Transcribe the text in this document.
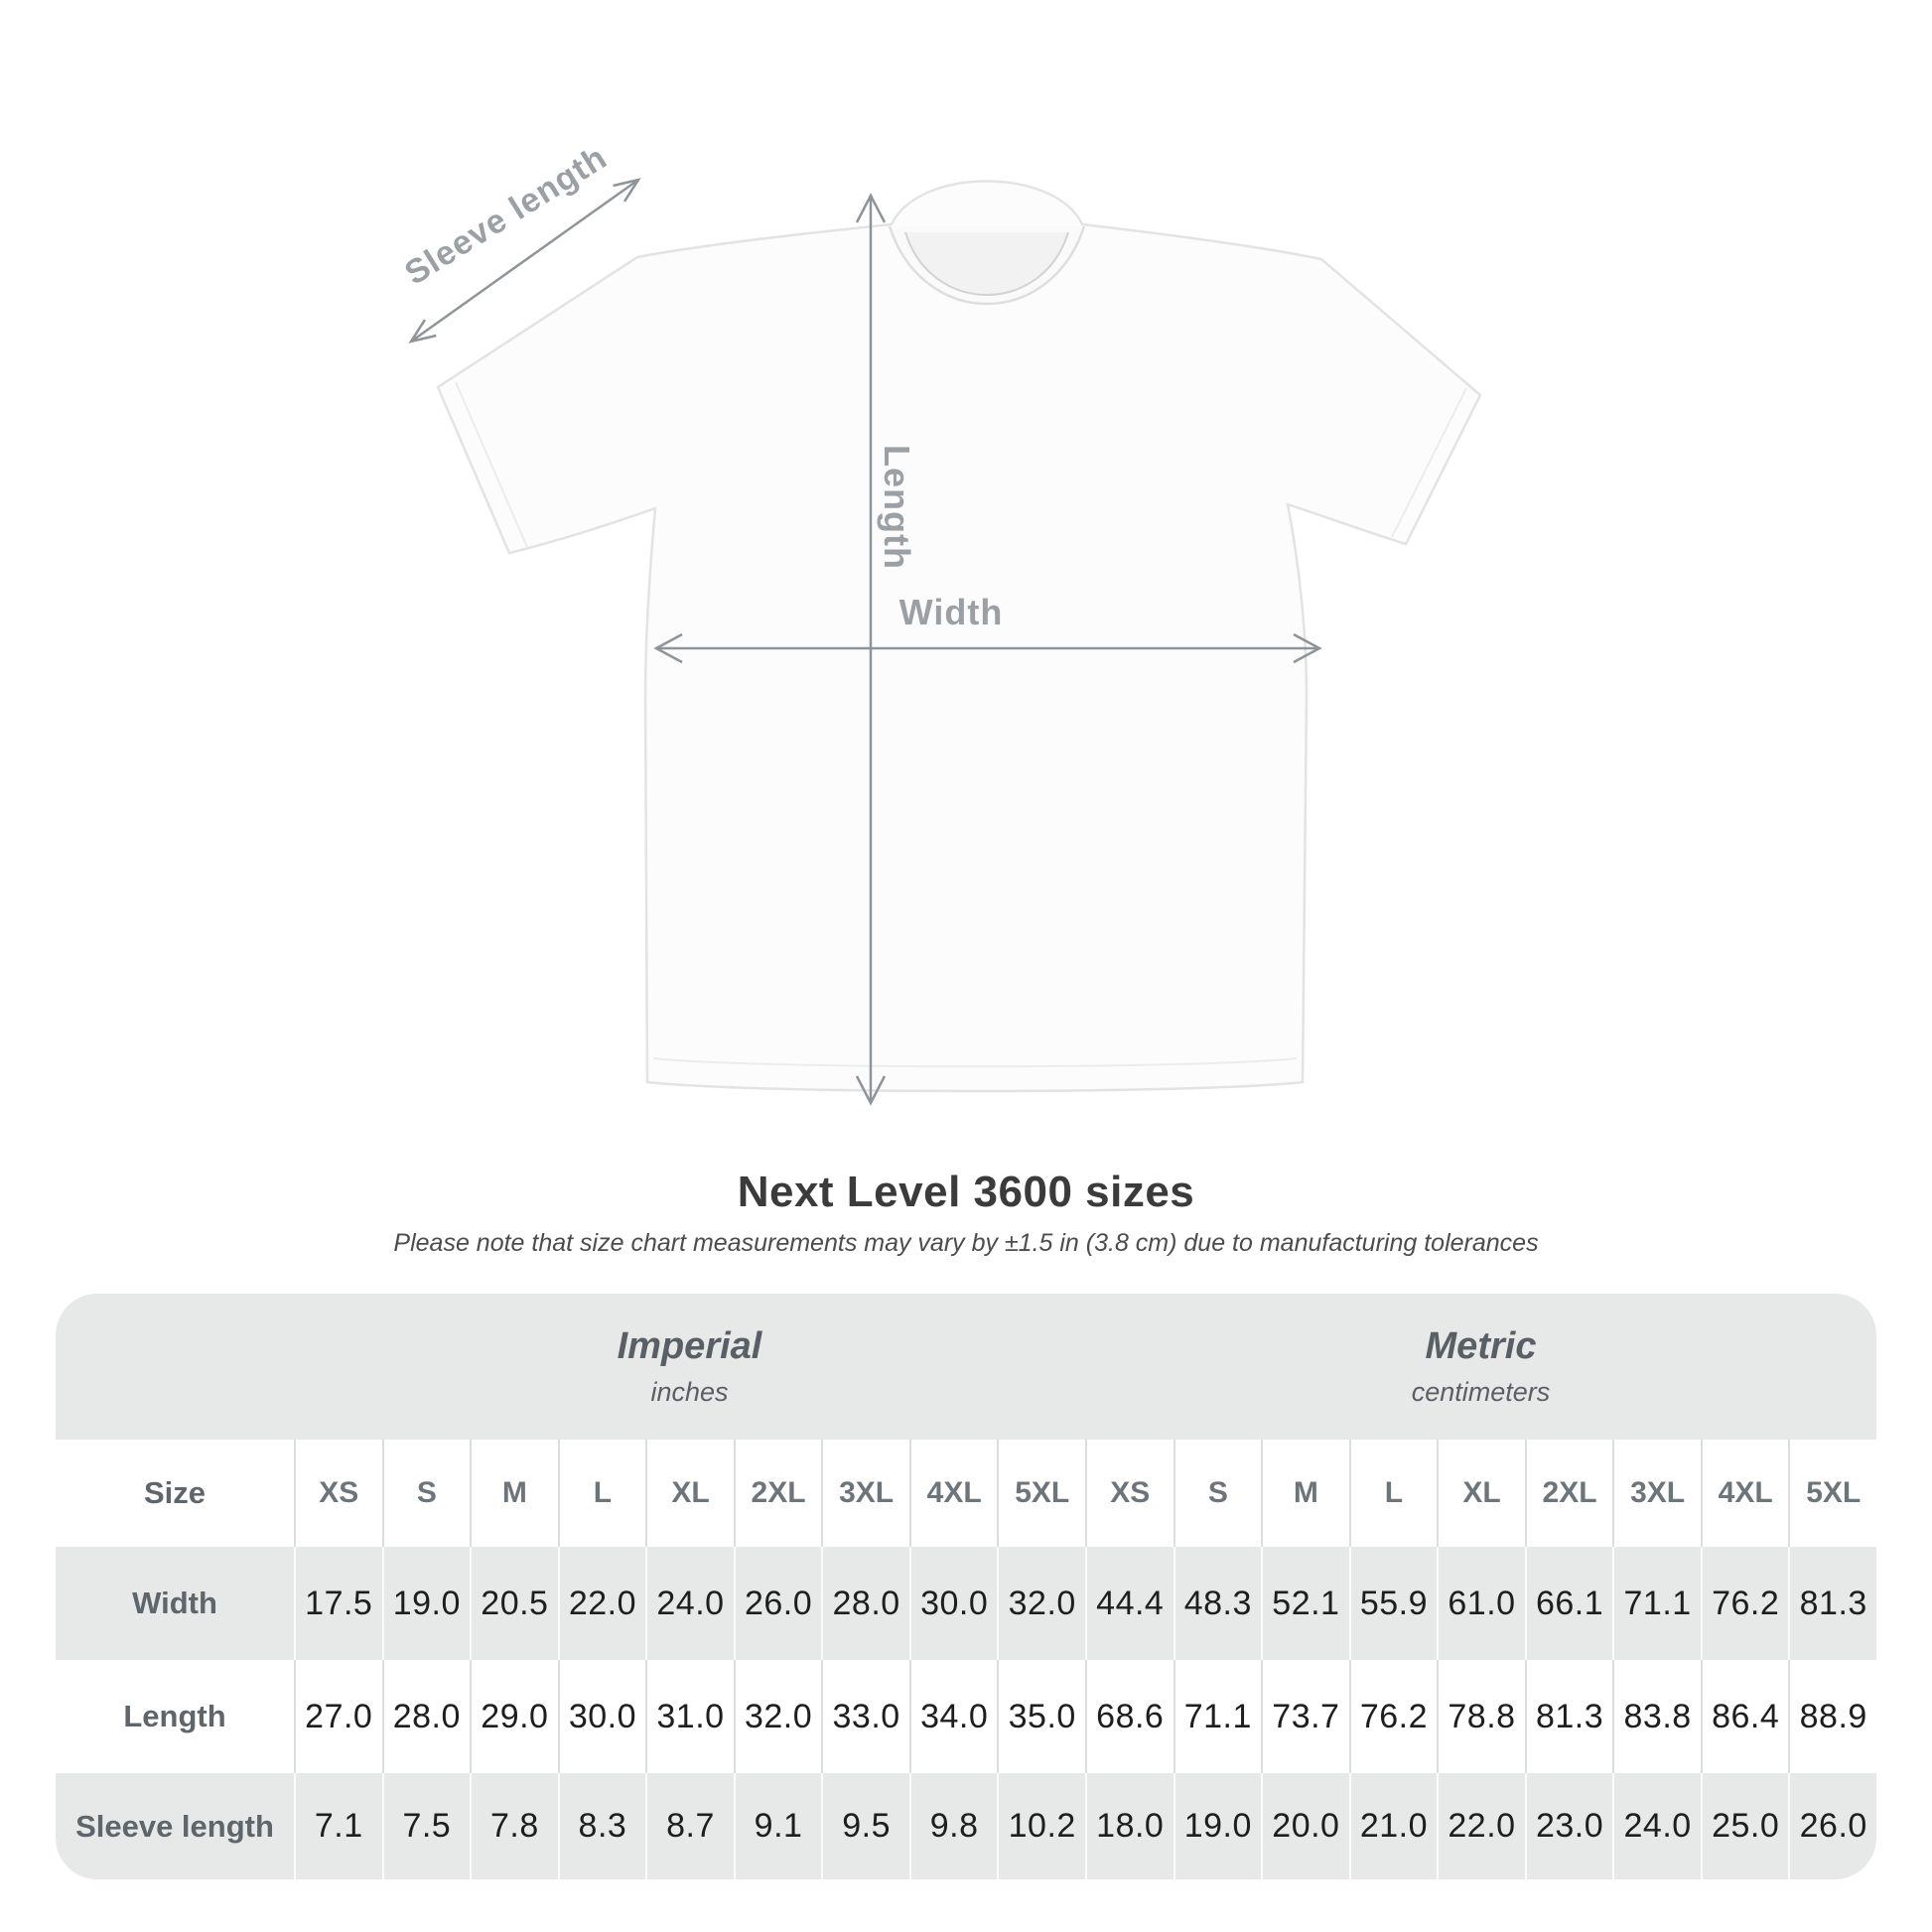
Sleeve length
Length
Width
Next Level 3600 sizes
Please note that size chart measurements may vary by ±1.5 in (3.8 cm) due to manufacturing tolerances
Imperial
inches
Metric
centimeters
Size	XS	S	M	L	XL	2XL	3XL	4XL	5XL	XS	S	M	L	XL	2XL	3XL	4XL	5XL
Width	17.5 19.0 20.5 22.0 24.0 26.0 28.0 30.0 32.0 44.4 48.3 52.1 55.9 61.0 66.1 71.1 76.2 81.3
Length	27.0 28.0 29.0 30.0 31.0 32.0 33.0 34.0 35.0 68.6 71.1 73.7 76.2 78.8 81.3 83.8 86.4 88.9
Sleeve length	7.1	7.5	7.8	8.3	8.7	9.1	9.5	9.8 10.2 18.0 19.0 20.0 21.0 22.0 23.0 24.0 25.0 26.0
